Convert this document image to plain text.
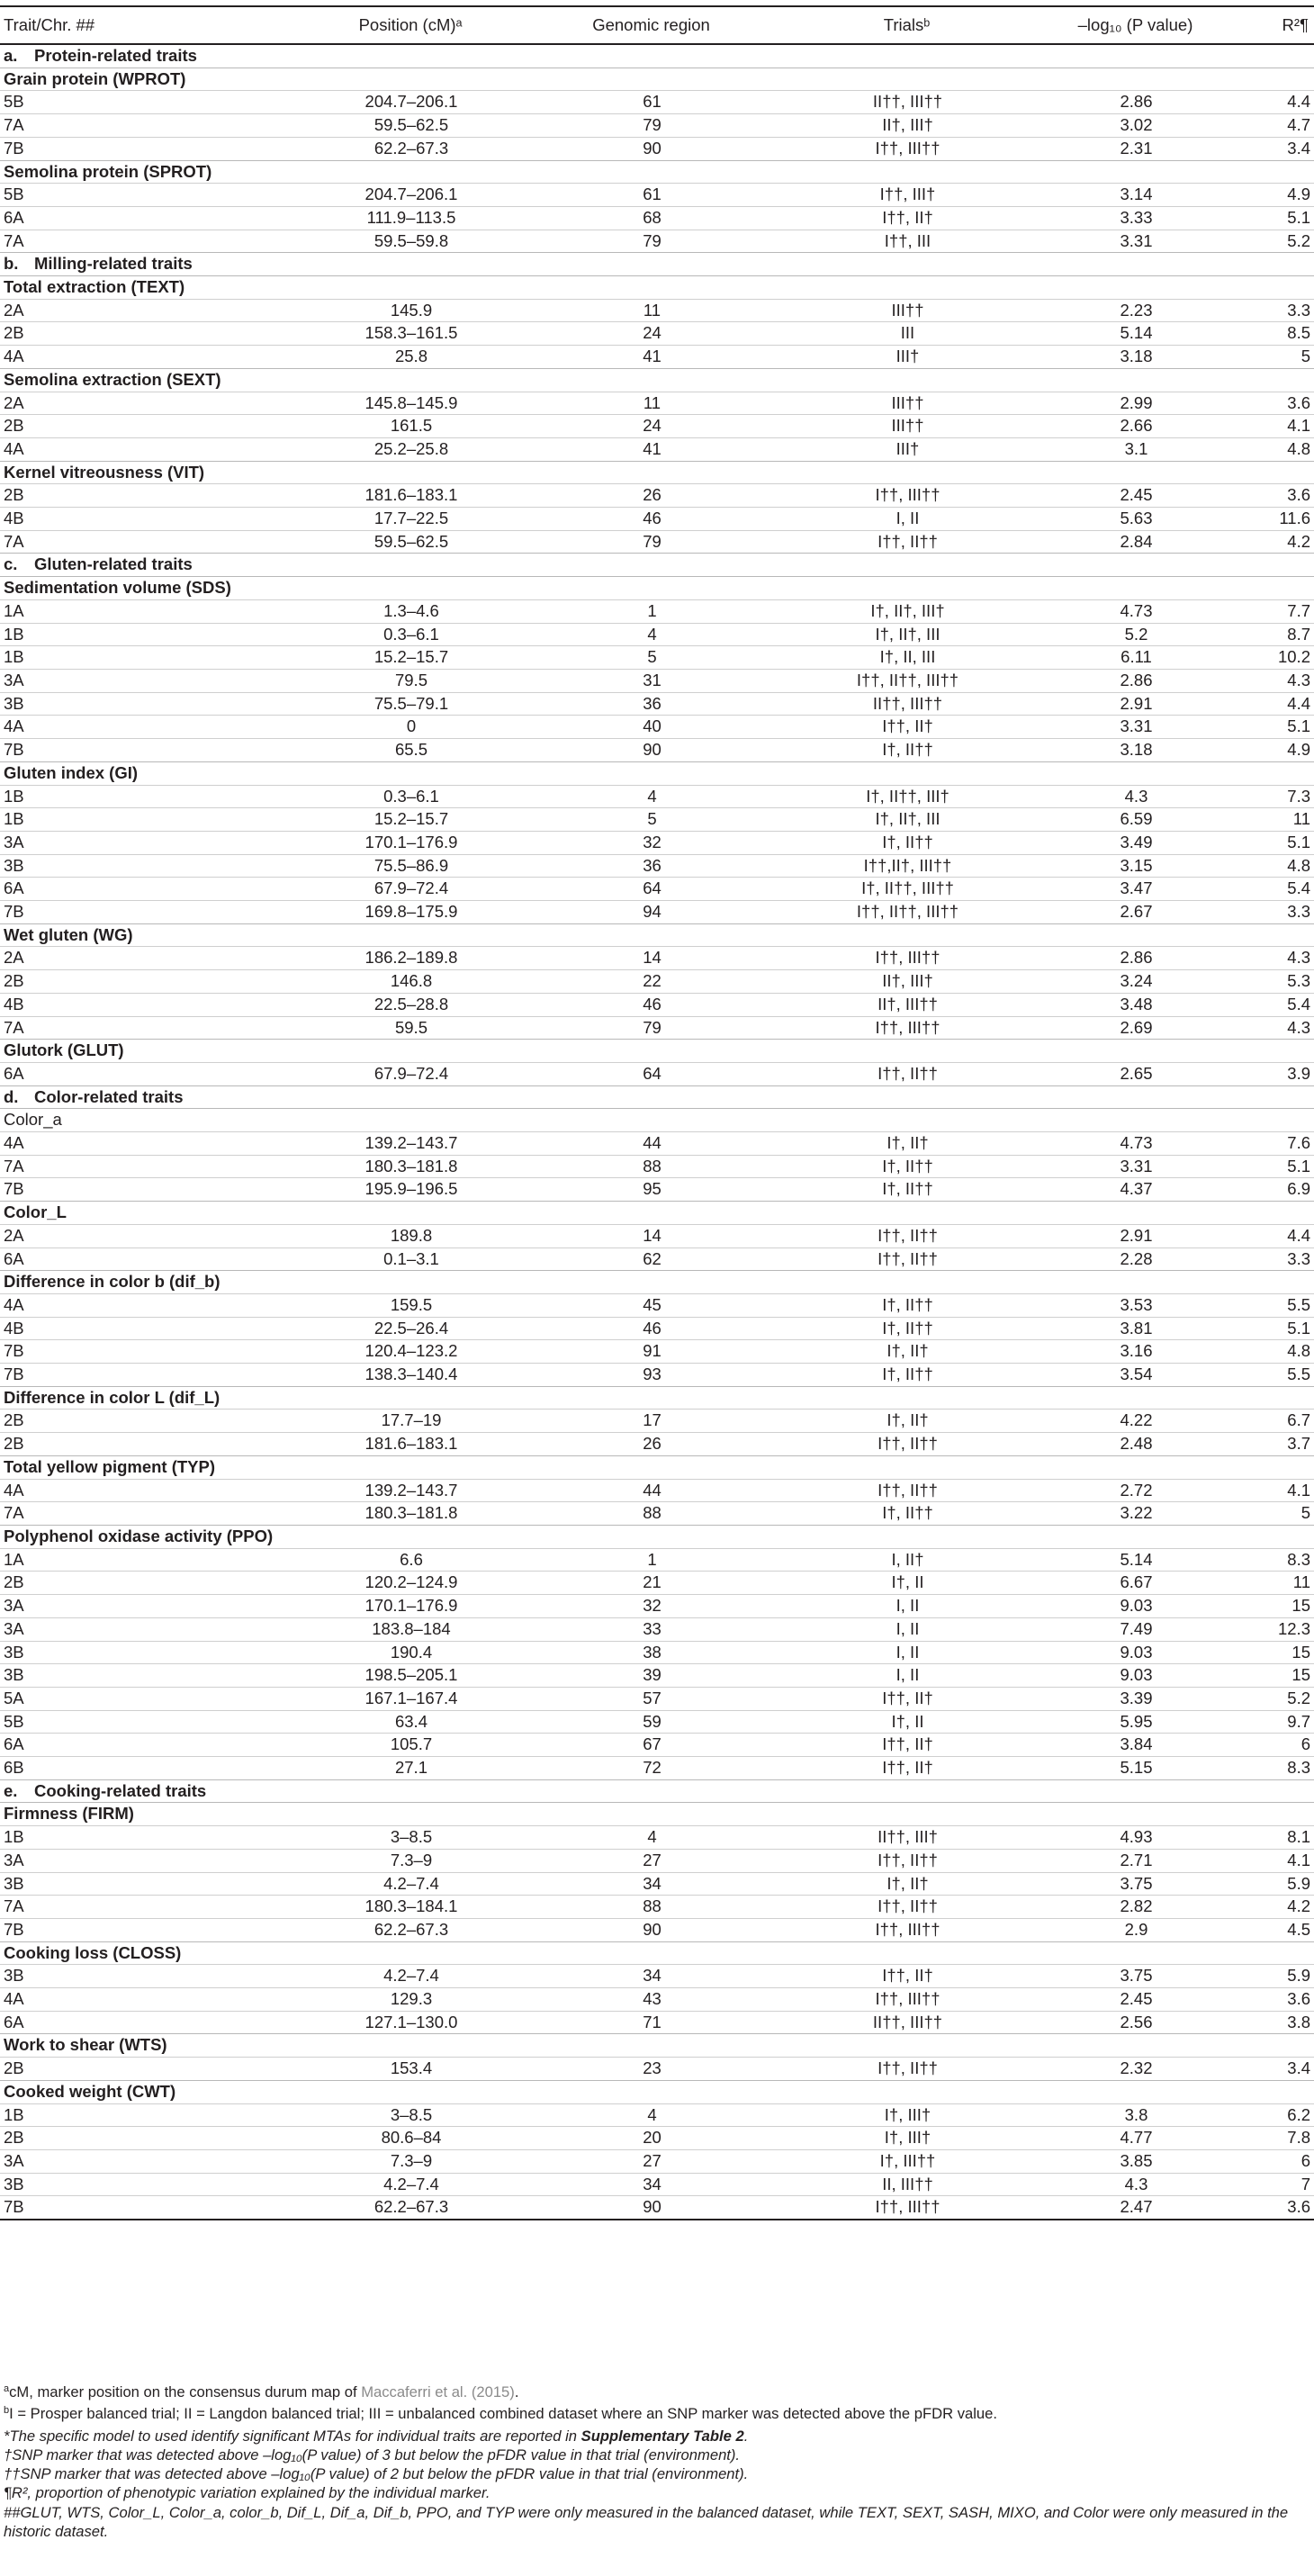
Trait/Chr. ##	Position (cM)ᵃ	Genomic region	Trialsᵇ	–log₁₀ (P value)	R²¶
a. Protein-related traits					
Grain protein (WPROT)					
5B	204.7–206.1	61	II††, III††	2.86	4.4
7A	59.5–62.5	79	II†, III†	3.02	4.7
7B	62.2–67.3	90	I††, III††	2.31	3.4
Semolina protein (SPROT)					
5B	204.7–206.1	61	I††, III†	3.14	4.9
6A	111.9–113.5	68	I††, II†	3.33	5.1
7A	59.5–59.8	79	I††, III	3.31	5.2
b. Milling-related traits					
Total extraction (TEXT)					
2A	145.9	11	III††	2.23	3.3
2B	158.3–161.5	24	III	5.14	8.5
4A	25.8	41	III†	3.18	5
Semolina extraction (SEXT)					
2A	145.8–145.9	11	III††	2.99	3.6
2B	161.5	24	III††	2.66	4.1
4A	25.2–25.8	41	III†	3.1	4.8
Kernel vitreousness (VIT)					
2B	181.6–183.1	26	I††, III††	2.45	3.6
4B	17.7–22.5	46	I, II	5.63	11.6
7A	59.5–62.5	79	I††, II††	2.84	4.2
c. Gluten-related traits					
Sedimentation volume (SDS)					
1A	1.3–4.6	1	I†, II†, III†	4.73	7.7
1B	0.3–6.1	4	I†, II†, III	5.2	8.7
1B	15.2–15.7	5	I†, II, III	6.11	10.2
3A	79.5	31	I††, II††, III††	2.86	4.3
3B	75.5–79.1	36	II††, III††	2.91	4.4
4A	0	40	I††, II†	3.31	5.1
7B	65.5	90	I†, II††	3.18	4.9
Gluten index (GI)					
1B	0.3–6.1	4	I†, II††, III†	4.3	7.3
1B	15.2–15.7	5	I†, II†, III	6.59	11
3A	170.1–176.9	32	I†, II††	3.49	5.1
3B	75.5–86.9	36	I††,II†, III††	3.15	4.8
6A	67.9–72.4	64	I†, II††, III††	3.47	5.4
7B	169.8–175.9	94	I††, II††, III††	2.67	3.3
Wet gluten (WG)					
2A	186.2–189.8	14	I††, III††	2.86	4.3
2B	146.8	22	II†, III†	3.24	5.3
4B	22.5–28.8	46	II†, III††	3.48	5.4
7A	59.5	79	I††, III††	2.69	4.3
Glutork (GLUT)					
6A	67.9–72.4	64	I††, II††	2.65	3.9
d. Color-related traits					
Color_a					
4A	139.2–143.7	44	I†, II†	4.73	7.6
7A	180.3–181.8	88	I†, II††	3.31	5.1
7B	195.9–196.5	95	I†, II††	4.37	6.9
Color_L					
2A	189.8	14	I††, II††	2.91	4.4
6A	0.1–3.1	62	I††, II††	2.28	3.3
Difference in color b (dif_b)					
4A	159.5	45	I†, II††	3.53	5.5
4B	22.5–26.4	46	I†, II††	3.81	5.1
7B	120.4–123.2	91	I†, II†	3.16	4.8
7B	138.3–140.4	93	I†, II††	3.54	5.5
Difference in color L (dif_L)					
2B	17.7–19	17	I†, II†	4.22	6.7
2B	181.6–183.1	26	I††, II††	2.48	3.7
Total yellow pigment (TYP)					
4A	139.2–143.7	44	I††, II††	2.72	4.1
7A	180.3–181.8	88	I†, II††	3.22	5
Polyphenol oxidase activity (PPO)					
1A	6.6	1	I, II†	5.14	8.3
2B	120.2–124.9	21	I†, II	6.67	11
3A	170.1–176.9	32	I, II	9.03	15
3A	183.8–184	33	I, II	7.49	12.3
3B	190.4	38	I, II	9.03	15
3B	198.5–205.1	39	I, II	9.03	15
5A	167.1–167.4	57	I††, II†	3.39	5.2
5B	63.4	59	I†, II	5.95	9.7
6A	105.7	67	I††, II†	3.84	6
6B	27.1	72	I††, II†	5.15	8.3
e. Cooking-related traits					
Firmness (FIRM)					
1B	3–8.5	4	II††, III†	4.93	8.1
3A	7.3–9	27	I††, II††	2.71	4.1
3B	4.2–7.4	34	I†, II†	3.75	5.9
7A	180.3–184.1	88	I††, II††	2.82	4.2
7B	62.2–67.3	90	I††, III††	2.9	4.5
Cooking loss (CLOSS)					
3B	4.2–7.4	34	I††, II†	3.75	5.9
4A	129.3	43	I††, III††	2.45	3.6
6A	127.1–130.0	71	II††, III††	2.56	3.8
Work to shear (WTS)					
2B	153.4	23	I††, II††	2.32	3.4
Cooked weight (CWT)					
1B	3–8.5	4	I†, III†	3.8	6.2
2B	80.6–84	20	I†, III†	4.77	7.8
3A	7.3–9	27	I†, III††	3.85	6
3B	4.2–7.4	34	II, III††	4.3	7
7B	62.2–67.3	90	I††, III††	2.47	3.6

$^a$cM, marker position on the consensus durum map of Maccaferri et al. (2015).

$^b$I = Prosper balanced trial; II = Langdon balanced trial; III = unbalanced combined dataset where an SNP marker was detected above the pFDR value.

*The specific model to used identify significant MTAs for individual traits are reported in Supplementary Table 2.

†SNP marker that was detected above –log₁₀(P value) of 3 but below the pFDR value in that trial (environment).

††SNP marker that was detected above –log₁₀(P value) of 2 but below the pFDR value in that trial (environment).

¶R², proportion of phenotypic variation explained by the individual marker.

##GLUT, WTS, Color_L, Color_a, color_b, Dif_L, Dif_a, Dif_b, PPO, and TYP were only measured in the balanced dataset, while TEXT, SEXT, SASH, MIXO, and Color were only measured in the historic dataset.
